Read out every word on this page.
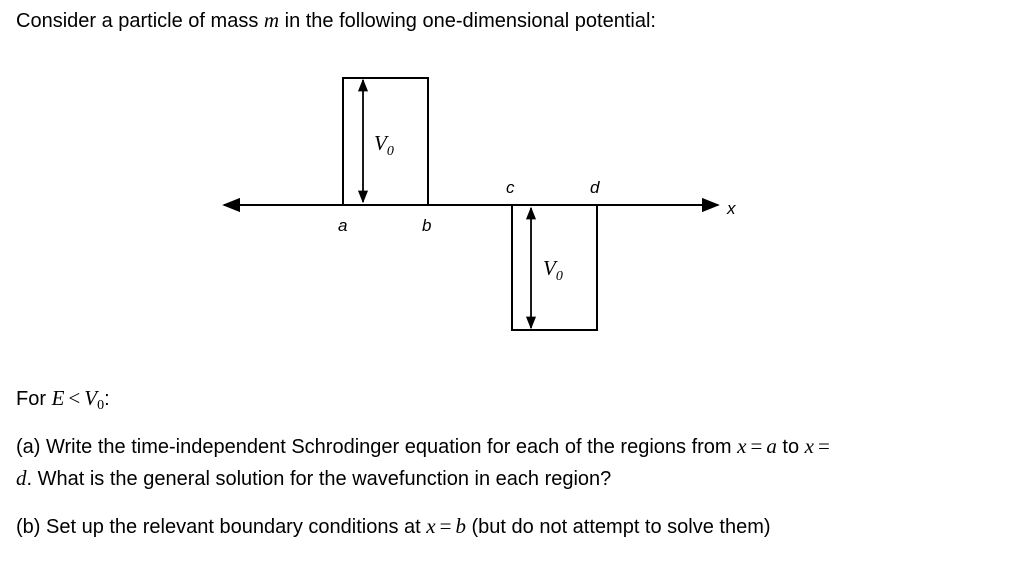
Consider a particle of mass m in the following one-dimensional potential:
$V_0$
$V_0$
a	b
c	d
x
For $E < V_0$:
(a) Write the time-independent Schrodinger equation for each of the regions from x = a to x =
d. What is the general solution for the wavefunction in each region?
(b) Set up the relevant boundary conditions at x = b (but do not attempt to solve them)
